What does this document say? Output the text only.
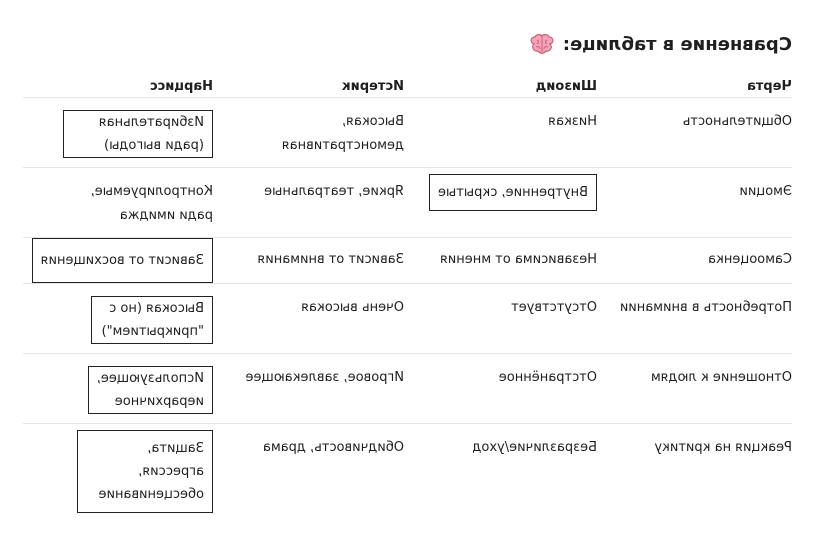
Сравнение в таблице:
Черта
Шизоид
Истерик
Нарцисс
Общительность
Низкая
Высокая, демонстративная
Избирательная (ради выгоды)
Эмоции
Внутренние, скрытые
Яркие, театральные
Контролируемые, ради имиджа
Самооценка
Независима от мнения
Зависит от внимания
Зависит от восхищения
Потребность в внимании
Отсутствует
Очень высокая
Высокая (но с "прикрытием")
Отношение к людям
Отстранённое
Игровое, завлекающее
Использующее, иерархичное
Реакция на критику
Безразличие/уход
Обидчивость, драма
Защита, агрессия, обесценивание
